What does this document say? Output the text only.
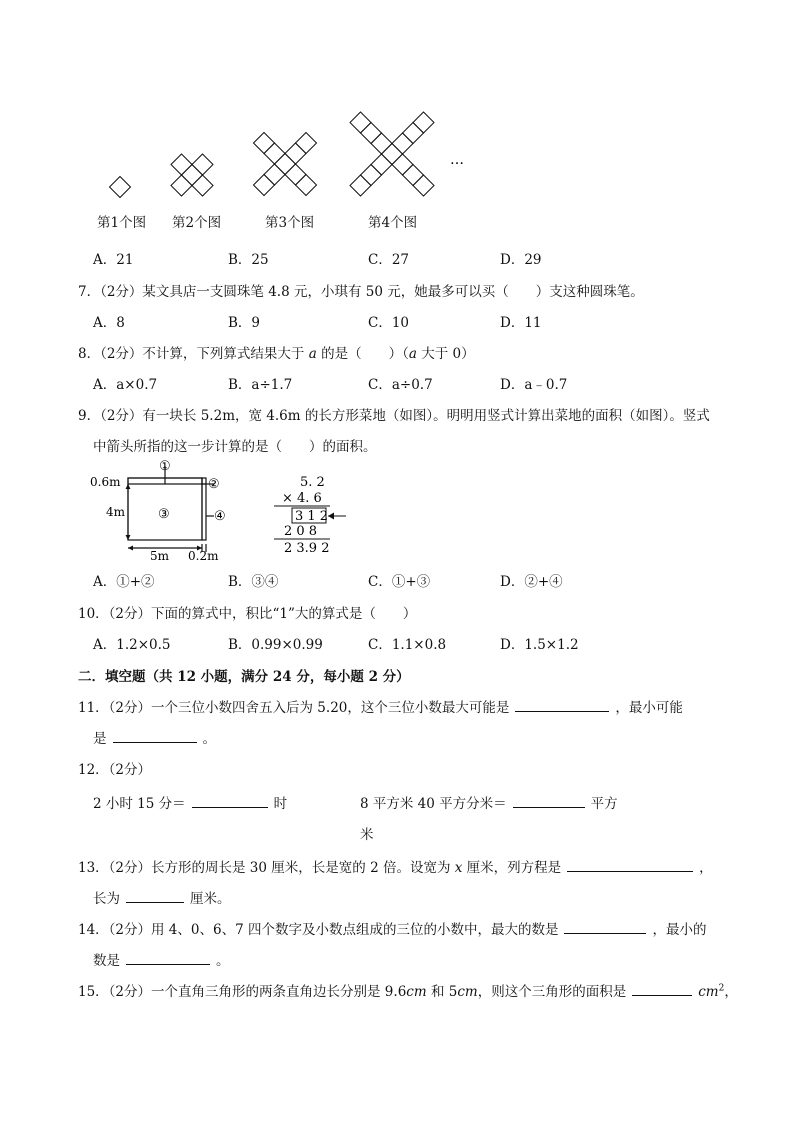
…
第1个图 第2个图	第3个图	第4个图
A．21	B．25	C．27	D．29
7．（2分）某文具店一支圆珠笔 4.8 元，小琪有 50 元，她最多可以买（　　）支这种圆珠笔。
A．8	B．9	C．10	D．11
8．（2分）不计算，下列算式结果大于 a 的是（　　）（a 大于 0）
A．a×0.7	B．a÷1.7	C．a÷0.7	D．a﹣0.7
9．（2分）有一块长 5.2m，宽 4.6m 的长方形菜地（如图）。明明用竖式计算出菜地的面积（如图）。竖式
中箭头所指的这一步计算的是（　　）的面积。
0.6m
4m
5m 0.2m
①
②
③	④
5. 2
× 4. 6
3 1 2
2 0 8
2 3.9 2
A．①+②	B．③④	C．①+③	D．②+④
10．（2分）下面的算式中，积比“1”大的算式是（　　）
A．1.2×0.5	B．0.99×0.99	C．1.1×0.8	D．1.5×1.2
二．填空题（共 12 小题，满分 24 分，每小题 2 分）
11．（2分）一个三位小数四舍五入后为 5.20，这个三位小数最大可能是	，最小可能
是	。
12．（2分）
2 小时 15 分＝	时	8 平方米 40 平方分米＝	平方
米
13．（2分）长方形的周长是 30 厘米，长是宽的 2 倍。设宽为 x 厘米，列方程是	，
长为	厘米。
14．（2分）用 4、0、6、7 四个数字及小数点组成的三位的小数中，最大的数是	，最小的
数是	。
15．（2分）一个直角三角形的两条直角边长分别是 9.6cm 和 5cm，则这个三角形的面积是	$cm^2$，
